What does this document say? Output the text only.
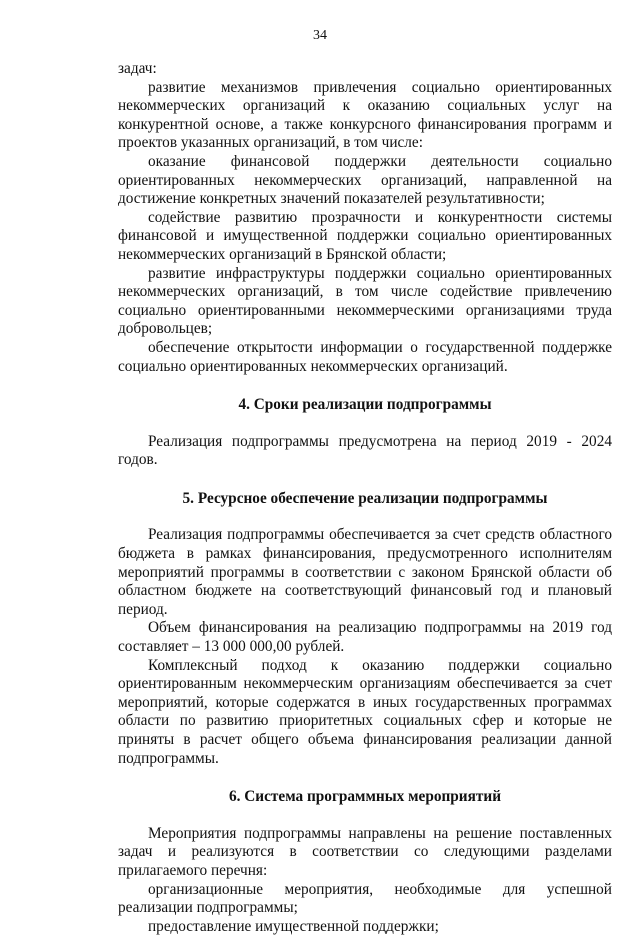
34

задач:

развитие механизмов привлечения социально ориентированных некоммерческих организаций к оказанию социальных услуг на конкурентной основе, а также конкурсного финансирования программ и проектов указанных организаций, в том числе:

оказание финансовой поддержки деятельности социально ориентированных некоммерческих организаций, направленной на достижение конкретных значений показателей результативности;

содействие развитию прозрачности и конкурентности системы финансовой и имущественной поддержки социально ориентированных некоммерческих организаций в Брянской области;

развитие инфраструктуры поддержки социально ориентированных некоммерческих организаций, в том числе содействие привлечению социально ориентированными некоммерческими организациями труда добровольцев;

обеспечение открытости информации о государственной поддержке социально ориентированных некоммерческих организаций.

4. Сроки реализации подпрограммы

Реализация подпрограммы предусмотрена на период 2019 - 2024 годов.

5. Ресурсное обеспечение реализации подпрограммы

Реализация подпрограммы обеспечивается за счет средств областного бюджета в рамках финансирования, предусмотренного исполнителям мероприятий программы в соответствии с законом Брянской области об областном бюджете на соответствующий финансовый год и плановый период.

Объем финансирования на реализацию подпрограммы на 2019 год составляет – 13 000 000,00 рублей.

Комплексный подход к оказанию поддержки социально ориентированным некоммерческим организациям обеспечивается за счет мероприятий, которые содержатся в иных государственных программах области по развитию приоритетных социальных сфер и которые не приняты в расчет общего объема финансирования реализации данной подпрограммы.

6. Система программных мероприятий

Мероприятия подпрограммы направлены на решение поставленных задач и реализуются в соответствии со следующими разделами прилагаемого перечня:

организационные мероприятия, необходимые для успешной реализации подпрограммы;

предоставление имущественной поддержки;
